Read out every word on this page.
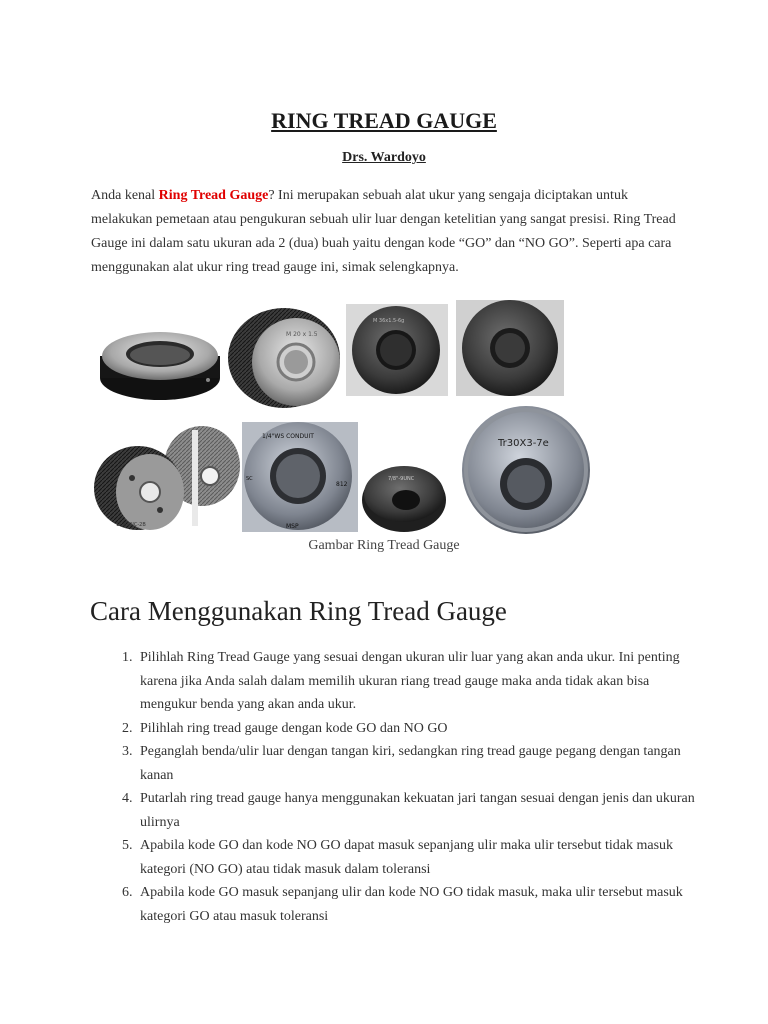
RING TREAD GAUGE
Drs. Wardoyo

Anda kenal Ring Tread Gauge? Ini merupakan sebuah alat ukur yang sengaja diciptakan untuk melakukan pemetaan atau pengukuran sebuah ulir luar dengan ketelitian yang sangat presisi. Ring Tread Gauge ini dalam satu ukuran ada 2 (dua) buah yaitu dengan kode “GO” dan “NO GO”. Seperti apa cara menggunakan alat ukur ring tread gauge ini, simak selengkapnya.

M 20 x 1.5
M 36x1.5-6g
1"-8UNC-2B
1/4"WS CONDUIT
SC
812
MSP
7/8"-9UNC
Tr30X3-7e
Gambar Ring Tread Gauge
Cara Menggunakan Ring Tread Gauge
1. Pilihlah Ring Tread Gauge yang sesuai dengan ukuran ulir luar yang akan anda ukur. Ini penting karena jika Anda salah dalam memilih ukuran riang tread gauge maka anda tidak akan bisa mengukur benda yang akan anda ukur.
2. Pilihlah ring tread gauge dengan kode GO dan NO GO
3. Peganglah benda/ulir luar dengan tangan kiri, sedangkan ring tread gauge pegang dengan tangan kanan
4. Putarlah ring tread gauge hanya menggunakan kekuatan jari tangan sesuai dengan jenis dan ukuran ulirnya
5. Apabila kode GO dan kode NO GO dapat masuk sepanjang ulir maka ulir tersebut tidak masuk kategori (NO GO) atau tidak masuk dalam toleransi
6. Apabila kode GO masuk sepanjang ulir dan kode NO GO tidak masuk, maka ulir tersebut masuk kategori GO atau masuk toleransi
